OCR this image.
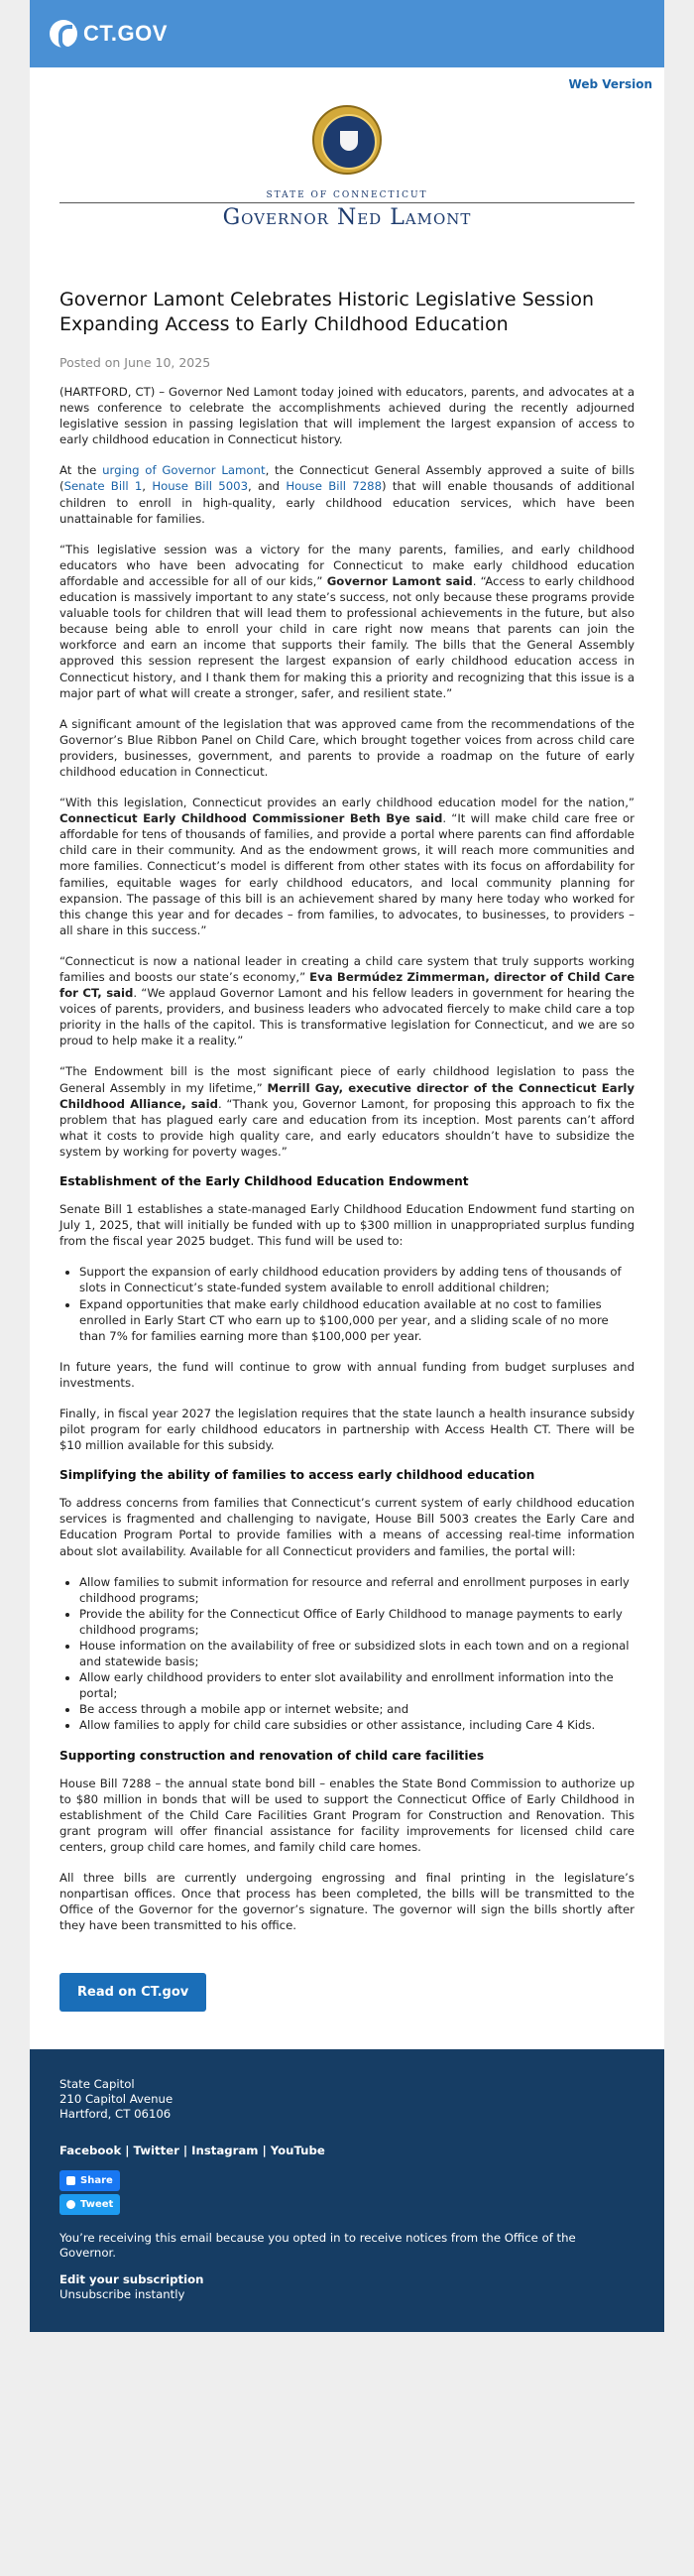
CT.GOV
Web Version
STATE OF CONNECTICUT
Governor Ned Lamont
Governor Lamont Celebrates Historic Legislative Session Expanding Access to Early Childhood Education
Posted on June 10, 2025

(HARTFORD, CT) – Governor Ned Lamont today joined with educators, parents, and advocates at a news conference to celebrate the accomplishments achieved during the recently adjourned legislative session in passing legislation that will implement the largest expansion of access to early childhood education in Connecticut history.

At the urging of Governor Lamont, the Connecticut General Assembly approved a suite of bills (Senate Bill 1, House Bill 5003, and House Bill 7288) that will enable thousands of additional children to enroll in high-quality, early childhood education services, which have been unattainable for families.

“This legislative session was a victory for the many parents, families, and early childhood educators who have been advocating for Connecticut to make early childhood education affordable and accessible for all of our kids,” Governor Lamont said. “Access to early childhood education is massively important to any state’s success, not only because these programs provide valuable tools for children that will lead them to professional achievements in the future, but also because being able to enroll your child in care right now means that parents can join the workforce and earn an income that supports their family. The bills that the General Assembly approved this session represent the largest expansion of early childhood education access in Connecticut history, and I thank them for making this a priority and recognizing that this issue is a major part of what will create a stronger, safer, and resilient state.”

A significant amount of the legislation that was approved came from the recommendations of the Governor’s Blue Ribbon Panel on Child Care, which brought together voices from across child care providers, businesses, government, and parents to provide a roadmap on the future of early childhood education in Connecticut.

“With this legislation, Connecticut provides an early childhood education model for the nation,” Connecticut Early Childhood Commissioner Beth Bye said. “It will make child care free or affordable for tens of thousands of families, and provide a portal where parents can find affordable child care in their community. And as the endowment grows, it will reach more communities and more families. Connecticut’s model is different from other states with its focus on affordability for families, equitable wages for early childhood educators, and local community planning for expansion. The passage of this bill is an achievement shared by many here today who worked for this change this year and for decades – from families, to advocates, to businesses, to providers – all share in this success.”

“Connecticut is now a national leader in creating a child care system that truly supports working families and boosts our state’s economy,” Eva Bermúdez Zimmerman, director of Child Care for CT, said. “We applaud Governor Lamont and his fellow leaders in government for hearing the voices of parents, providers, and business leaders who advocated fiercely to make child care a top priority in the halls of the capitol. This is transformative legislation for Connecticut, and we are so proud to help make it a reality.”

“The Endowment bill is the most significant piece of early childhood legislation to pass the General Assembly in my lifetime,” Merrill Gay, executive director of the Connecticut Early Childhood Alliance, said. “Thank you, Governor Lamont, for proposing this approach to fix the problem that has plagued early care and education from its inception. Most parents can’t afford what it costs to provide high quality care, and early educators shouldn’t have to subsidize the system by working for poverty wages.”

Establishment of the Early Childhood Education Endowment

Senate Bill 1 establishes a state-managed Early Childhood Education Endowment fund starting on July 1, 2025, that will initially be funded with up to $300 million in unappropriated surplus funding from the fiscal year 2025 budget. This fund will be used to:

• Support the expansion of early childhood education providers by adding tens of thousands of slots in Connecticut’s state-funded system available to enroll additional children;
• Expand opportunities that make early childhood education available at no cost to families enrolled in Early Start CT who earn up to $100,000 per year, and a sliding scale of no more than 7% for families earning more than $100,000 per year.

In future years, the fund will continue to grow with annual funding from budget surpluses and investments.

Finally, in fiscal year 2027 the legislation requires that the state launch a health insurance subsidy pilot program for early childhood educators in partnership with Access Health CT. There will be $10 million available for this subsidy.

Simplifying the ability of families to access early childhood education

To address concerns from families that Connecticut’s current system of early childhood education services is fragmented and challenging to navigate, House Bill 5003 creates the Early Care and Education Program Portal to provide families with a means of accessing real-time information about slot availability. Available for all Connecticut providers and families, the portal will:

• Allow families to submit information for resource and referral and enrollment purposes in early childhood programs;
• Provide the ability for the Connecticut Office of Early Childhood to manage payments to early childhood programs;
• House information on the availability of free or subsidized slots in each town and on a regional and statewide basis;
• Allow early childhood providers to enter slot availability and enrollment information into the portal;
• Be access through a mobile app or internet website; and
• Allow families to apply for child care subsidies or other assistance, including Care 4 Kids.
Supporting construction and renovation of child care facilities

House Bill 7288 – the annual state bond bill – enables the State Bond Commission to authorize up to $80 million in bonds that will be used to support the Connecticut Office of Early Childhood in establishment of the Child Care Facilities Grant Program for Construction and Renovation. This grant program will offer financial assistance for facility improvements for licensed child care centers, group child care homes, and family child care homes.

All three bills are currently undergoing engrossing and final printing in the legislature’s nonpartisan offices. Once that process has been completed, the bills will be transmitted to the Office of the Governor for the governor’s signature. The governor will sign the bills shortly after they have been transmitted to his office.

Read on CT.gov
State Capitol
210 Capitol Avenue
Hartford, CT 06106
Facebook | Twitter | Instagram | YouTube
Share
Tweet
You’re receiving this email because you opted in to receive notices from the Office of the Governor.
Edit your subscription
Unsubscribe instantly
